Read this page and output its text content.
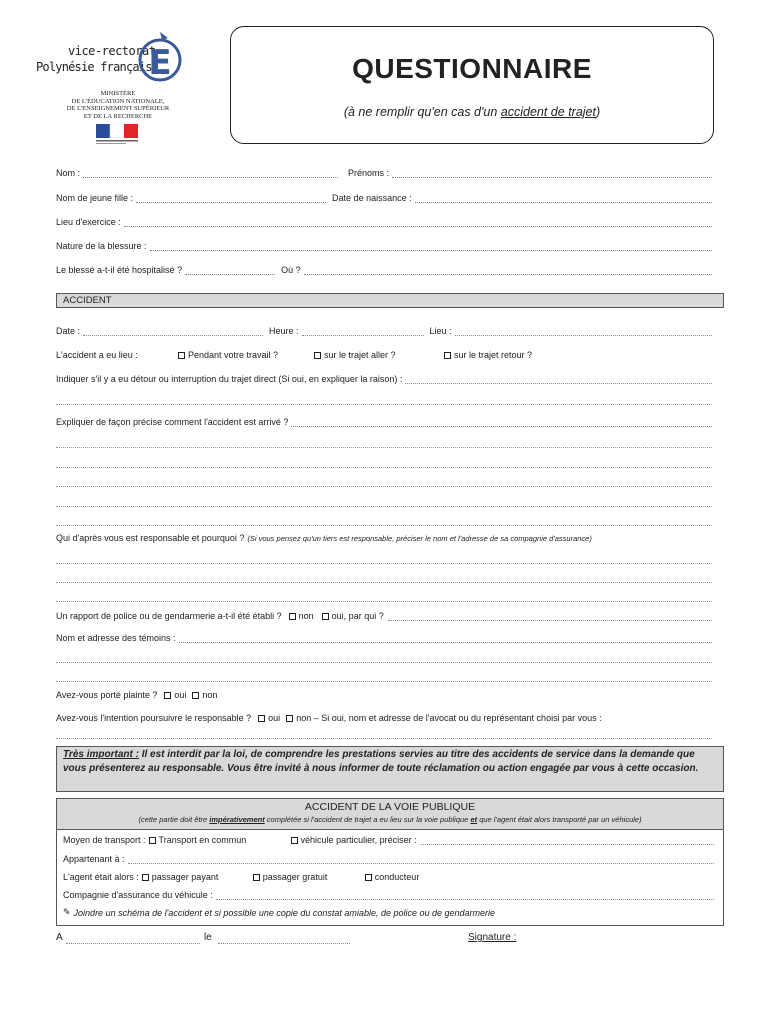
vice-rectorat
Polynésie française
E
MINISTÈRE
DE L'ÉDUCATION NATIONALE,
DE L'ENSEIGNEMENT SUPÉRIEUR
ET DE LA RECHERCHE
QUESTIONNAIRE
(à ne remplir qu'en cas d'un accident de trajet)
Nom :	Prénoms :
Nom de jeune fille :	Date de naissance :
Lieu d'exercice :
Nature de la blessure :
Le blessé a-t-il été hospitalisé ?	Où ?
ACCIDENT
Date :	Heure :	Lieu :
L'accident a eu lieu :	Pendant votre travail ?	sur le trajet aller ?	sur le trajet retour ?
Indiquer s'il y a eu détour ou interruption du trajet direct (Si oui, en expliquer la raison) :
Expliquer de façon précise comment l'accident est arrivé ?
Qui d'après vous est responsable et pourquoi ? (Si vous pensez qu'un tiers est responsable, préciser le nom et l'adresse de sa compagnie d'assurance)
Un rapport de police ou de gendarmerie a-t-il été établi ?	non	oui, par qui ?
Nom et adresse des témoins :
Avez-vous porté plainte ?	oui	non
Avez-vous l'intention poursuivre le responsable ?	oui	non – Si oui, nom et adresse de l'avocat ou du représentant choisi par vous :
Très important : Il est interdit par la loi, de comprendre les prestations servies au titre des accidents de service dans la demande que vous présenterez au responsable. Vous être invité à nous informer de toute réclamation ou action engagée par vous à cette occasion.
ACCIDENT DE LA VOIE PUBLIQUE
(cette partie doit être impérativement complétée si l'accident de trajet a eu lieu sur la voie publique et que l'agent était alors transporté par un véhicule)
Moyen de transport :	Transport en commun	véhicule particulier, préciser :
Appartenant à :
L'agent était alors :	passager payant	passager gratuit	conducteur
Compagnie d'assurance du véhicule :
✎ Joindre un schéma de l'accident et si possible une copie du constat amiable, de police ou de gendarmerie
A	le	Signature :
